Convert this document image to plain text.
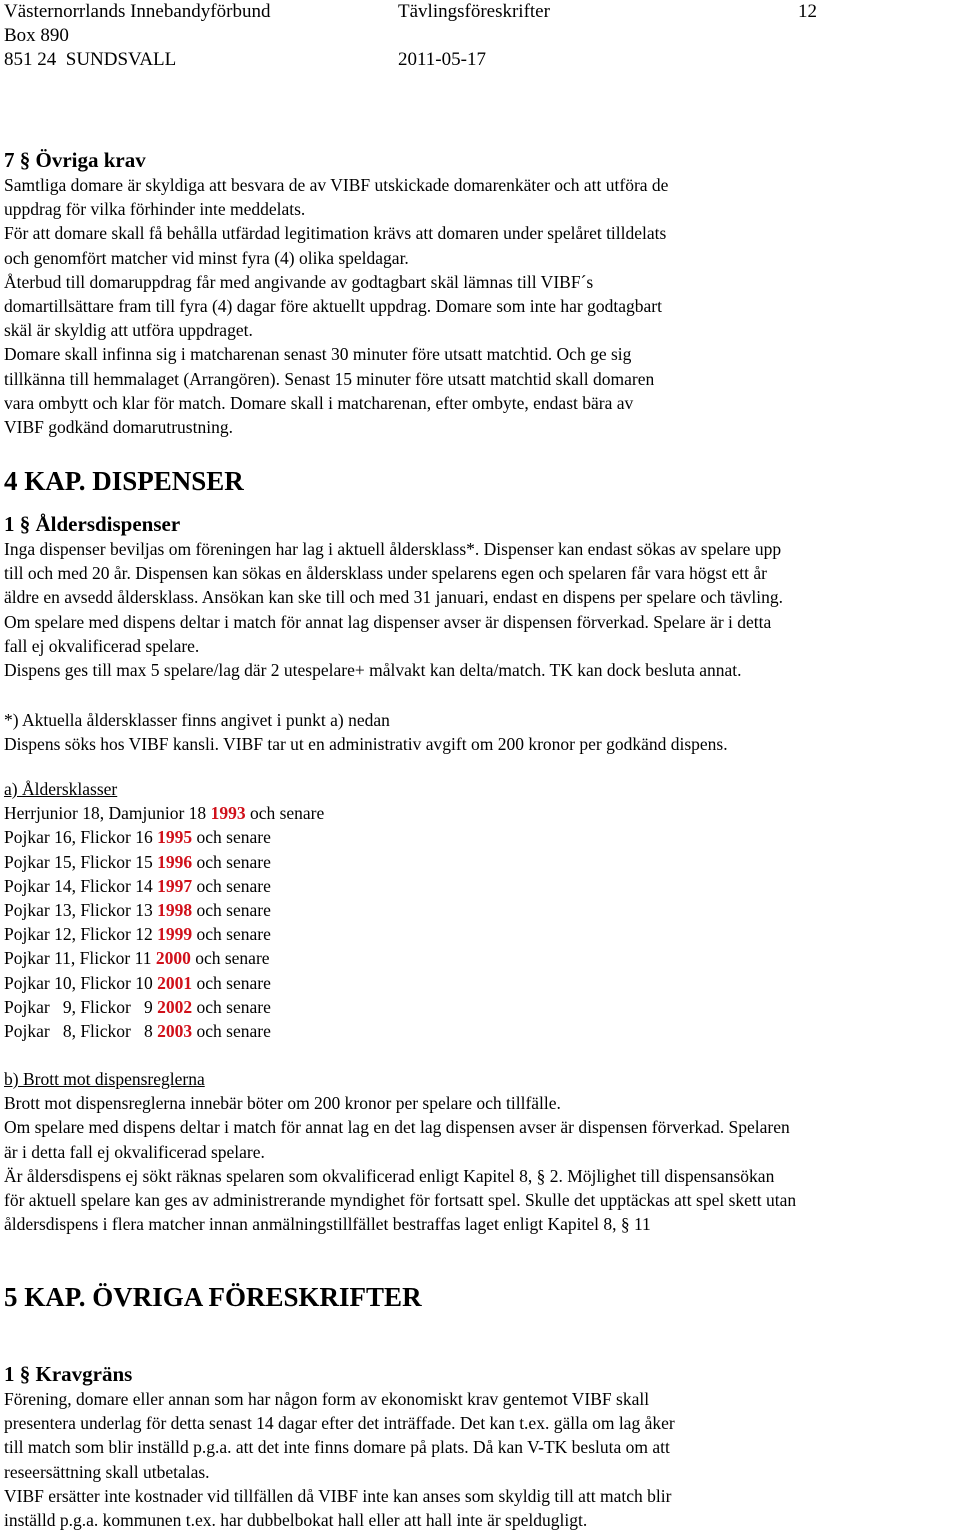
Västernorrlands Innebandyförbund	Tävlingsföreskrifter	12
Box 890
851 24  SUNDSVALL	2011-05-17

7 § Övriga krav

Samtliga domare är skyldiga att besvara de av VIBF utskickade domarenkäter och att utföra de

uppdrag för vilka förhinder inte meddelats.

För att domare skall få behålla utfärdad legitimation krävs att domaren under spelåret tilldelats

och genomfört matcher vid minst fyra (4) olika speldagar.

Återbud till domaruppdrag får med angivande av godtagbart skäl lämnas till VIBF´s

domartillsättare fram till fyra (4) dagar före aktuellt uppdrag. Domare som inte har godtagbart

skäl är skyldig att utföra uppdraget.

Domare skall infinna sig i matcharenan senast 30 minuter före utsatt matchtid. Och ge sig

tillkänna till hemmalaget (Arrangören). Senast 15 minuter före utsatt matchtid skall domaren

vara ombytt och klar för match. Domare skall i matcharenan, efter ombyte, endast bära av

VIBF godkänd domarutrustning.

4 KAP. DISPENSER

1 § Åldersdispenser

Inga dispenser beviljas om föreningen har lag i aktuell åldersklass*. Dispenser kan endast sökas av spelare upp

till och med 20 år. Dispensen kan sökas en åldersklass under spelarens egen och spelaren får vara högst ett år

äldre en avsedd åldersklass. Ansökan kan ske till och med 31 januari, endast en dispens per spelare och tävling.

Om spelare med dispens deltar i match för annat lag dispenser avser är dispensen förverkad. Spelare är i detta

fall ej okvalificerad spelare.

Dispens ges till max 5 spelare/lag där 2 utespelare+ målvakt kan delta/match. TK kan dock besluta annat.

*) Aktuella åldersklasser finns angivet i punkt a) nedan

Dispens söks hos VIBF kansli. VIBF tar ut en administrativ avgift om 200 kronor per godkänd dispens.

a) Åldersklasser

Herrjunior 18, Damjunior 18 1993 och senare

Pojkar 16, Flickor 16 1995 och senare

Pojkar 15, Flickor 15 1996 och senare

Pojkar 14, Flickor 14 1997 och senare

Pojkar 13, Flickor 13 1998 och senare

Pojkar 12, Flickor 12 1999 och senare

Pojkar 11, Flickor 11 2000 och senare

Pojkar 10, Flickor 10 2001 och senare

Pojkar   9, Flickor   9 2002 och senare

Pojkar   8, Flickor   8 2003 och senare

b) Brott mot dispensreglerna

Brott mot dispensreglerna innebär böter om 200 kronor per spelare och tillfälle.

Om spelare med dispens deltar i match för annat lag en det lag dispensen avser är dispensen förverkad. Spelaren

är i detta fall ej okvalificerad spelare.

Är åldersdispens ej sökt räknas spelaren som okvalificerad enligt Kapitel 8, § 2. Möjlighet till dispensansökan

för aktuell spelare kan ges av administrerande myndighet för fortsatt spel. Skulle det upptäckas att spel skett utan

åldersdispens i flera matcher innan anmälningstillfället bestraffas laget enligt Kapitel 8, § 11

5 KAP. ÖVRIGA FÖRESKRIFTER

1 § Kravgräns

Förening, domare eller annan som har någon form av ekonomiskt krav gentemot VIBF skall

presentera underlag för detta senast 14 dagar efter det inträffade. Det kan t.ex. gälla om lag åker

till match som blir inställd p.g.a. att det inte finns domare på plats. Då kan V-TK besluta om att

reseersättning skall utbetalas.

VIBF ersätter inte kostnader vid tillfällen då VIBF inte kan anses som skyldig till att match blir

inställd p.g.a. kommunen t.ex. har dubbelbokat hall eller att hall inte är speldugligt.
